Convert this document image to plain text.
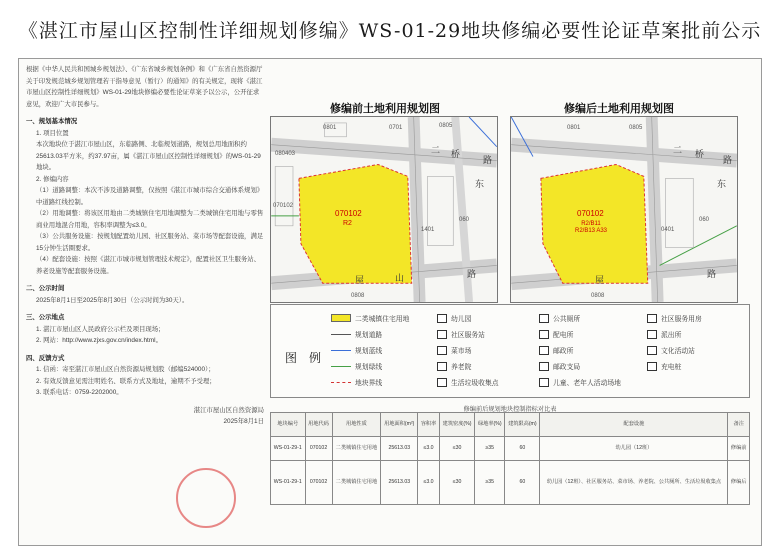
《湛江市屋山区控制性详细规划修编》WS-01-29地块修编必要性论证草案批前公示

根据《中华人民共和国城乡规划法》、《广东省城乡规划条例》和《广东省自然资源厅关于印发规范城乡规划管理若干指导意见（暂行）的通知》的有关规定，现将《湛江市屋山区控制性详细规划》WS-01-29地块修编必要性论证草案予以公示，公开征求意见，欢迎广大市民参与。

一、规划基本情况

1. 项目位置

本次地块位于湛江市屋山区，东临路侧、北临规划道路，规划总用地面积约25613.03平方米，约37.97亩，属《湛江市屋山区控制性详细规划》的WS-01-29地块。

2. 修编内容

（1）道路调整：本次不涉及道路调整，仅按照《湛江市城市综合交通体系规划》中道路红线控制。

（2）用地调整：将该区用地由二类城镇住宅用地调整为二类城镇住宅用地与零售商业用地混合用地，容积率调整为≤3.0。

（3）公共服务设施：按规划配置幼儿园、社区服务站、菜市场等配套设施，满足15分钟生活圈要求。

（4）配套设施：按照《湛江市城市规划管理技术规定》，配置社区卫生服务站、养老设施等配套服务设施。

二、公示时间

2025年8月1日至2025年8月30日（公示时间为30天）。

三、公示地点

1. 湛江市屋山区人民政府公示栏及项目现场；

2. 网站：http://www.zjxs.gov.cn/index.html。

四、反馈方式

1. 信函：寄至湛江市屋山区自然资源局规划股（邮编524000）；

2. 有效反馈意见需注明姓名、联系方式及地址，逾期不予受理；

3. 联系电话：0759-2202000。

湛江市屋山区自然资源局

2025年8月1日

修编前土地利用规划图
070102
R2
0801	0805
080403
070102
0701
060
1401
0808
屋	山	路
东
二 桥
路
修编后土地利用规划图
070102
R2/B11 R2/B13 A33
0801	0805
0808
060
0401
二 桥
路
东
路
屋
图例
二类城镇住宅用地
规划道路
规划蓝线
规划绿线
地块界线
幼儿园
社区服务站
菜市场
养老院
生活垃圾收集点
公共厕所
配电所
邮政所
邮政支局
儿童、老年人活动场地
社区服务用房
派出所
文化活动站
充电桩
修编前后规划地块控制指标对比表
地块编号	用地代码	用地性质	用地面积(m²)	容积率	建筑密度(%)	绿地率(%)	建筑限高(m)	配套设施	备注
WS-01-29-1	070102	二类城镇住宅用地	25613.03	≤3.0	≤30	≥35	60	幼儿园（12班）	修编前
WS-01-29-1	070102	二类城镇住宅用地	25613.03	≤3.0	≤30	≥35	60	幼儿园（12班）、社区服务站、菜市场、养老院、公共厕所、生活垃圾收集点	修编后
